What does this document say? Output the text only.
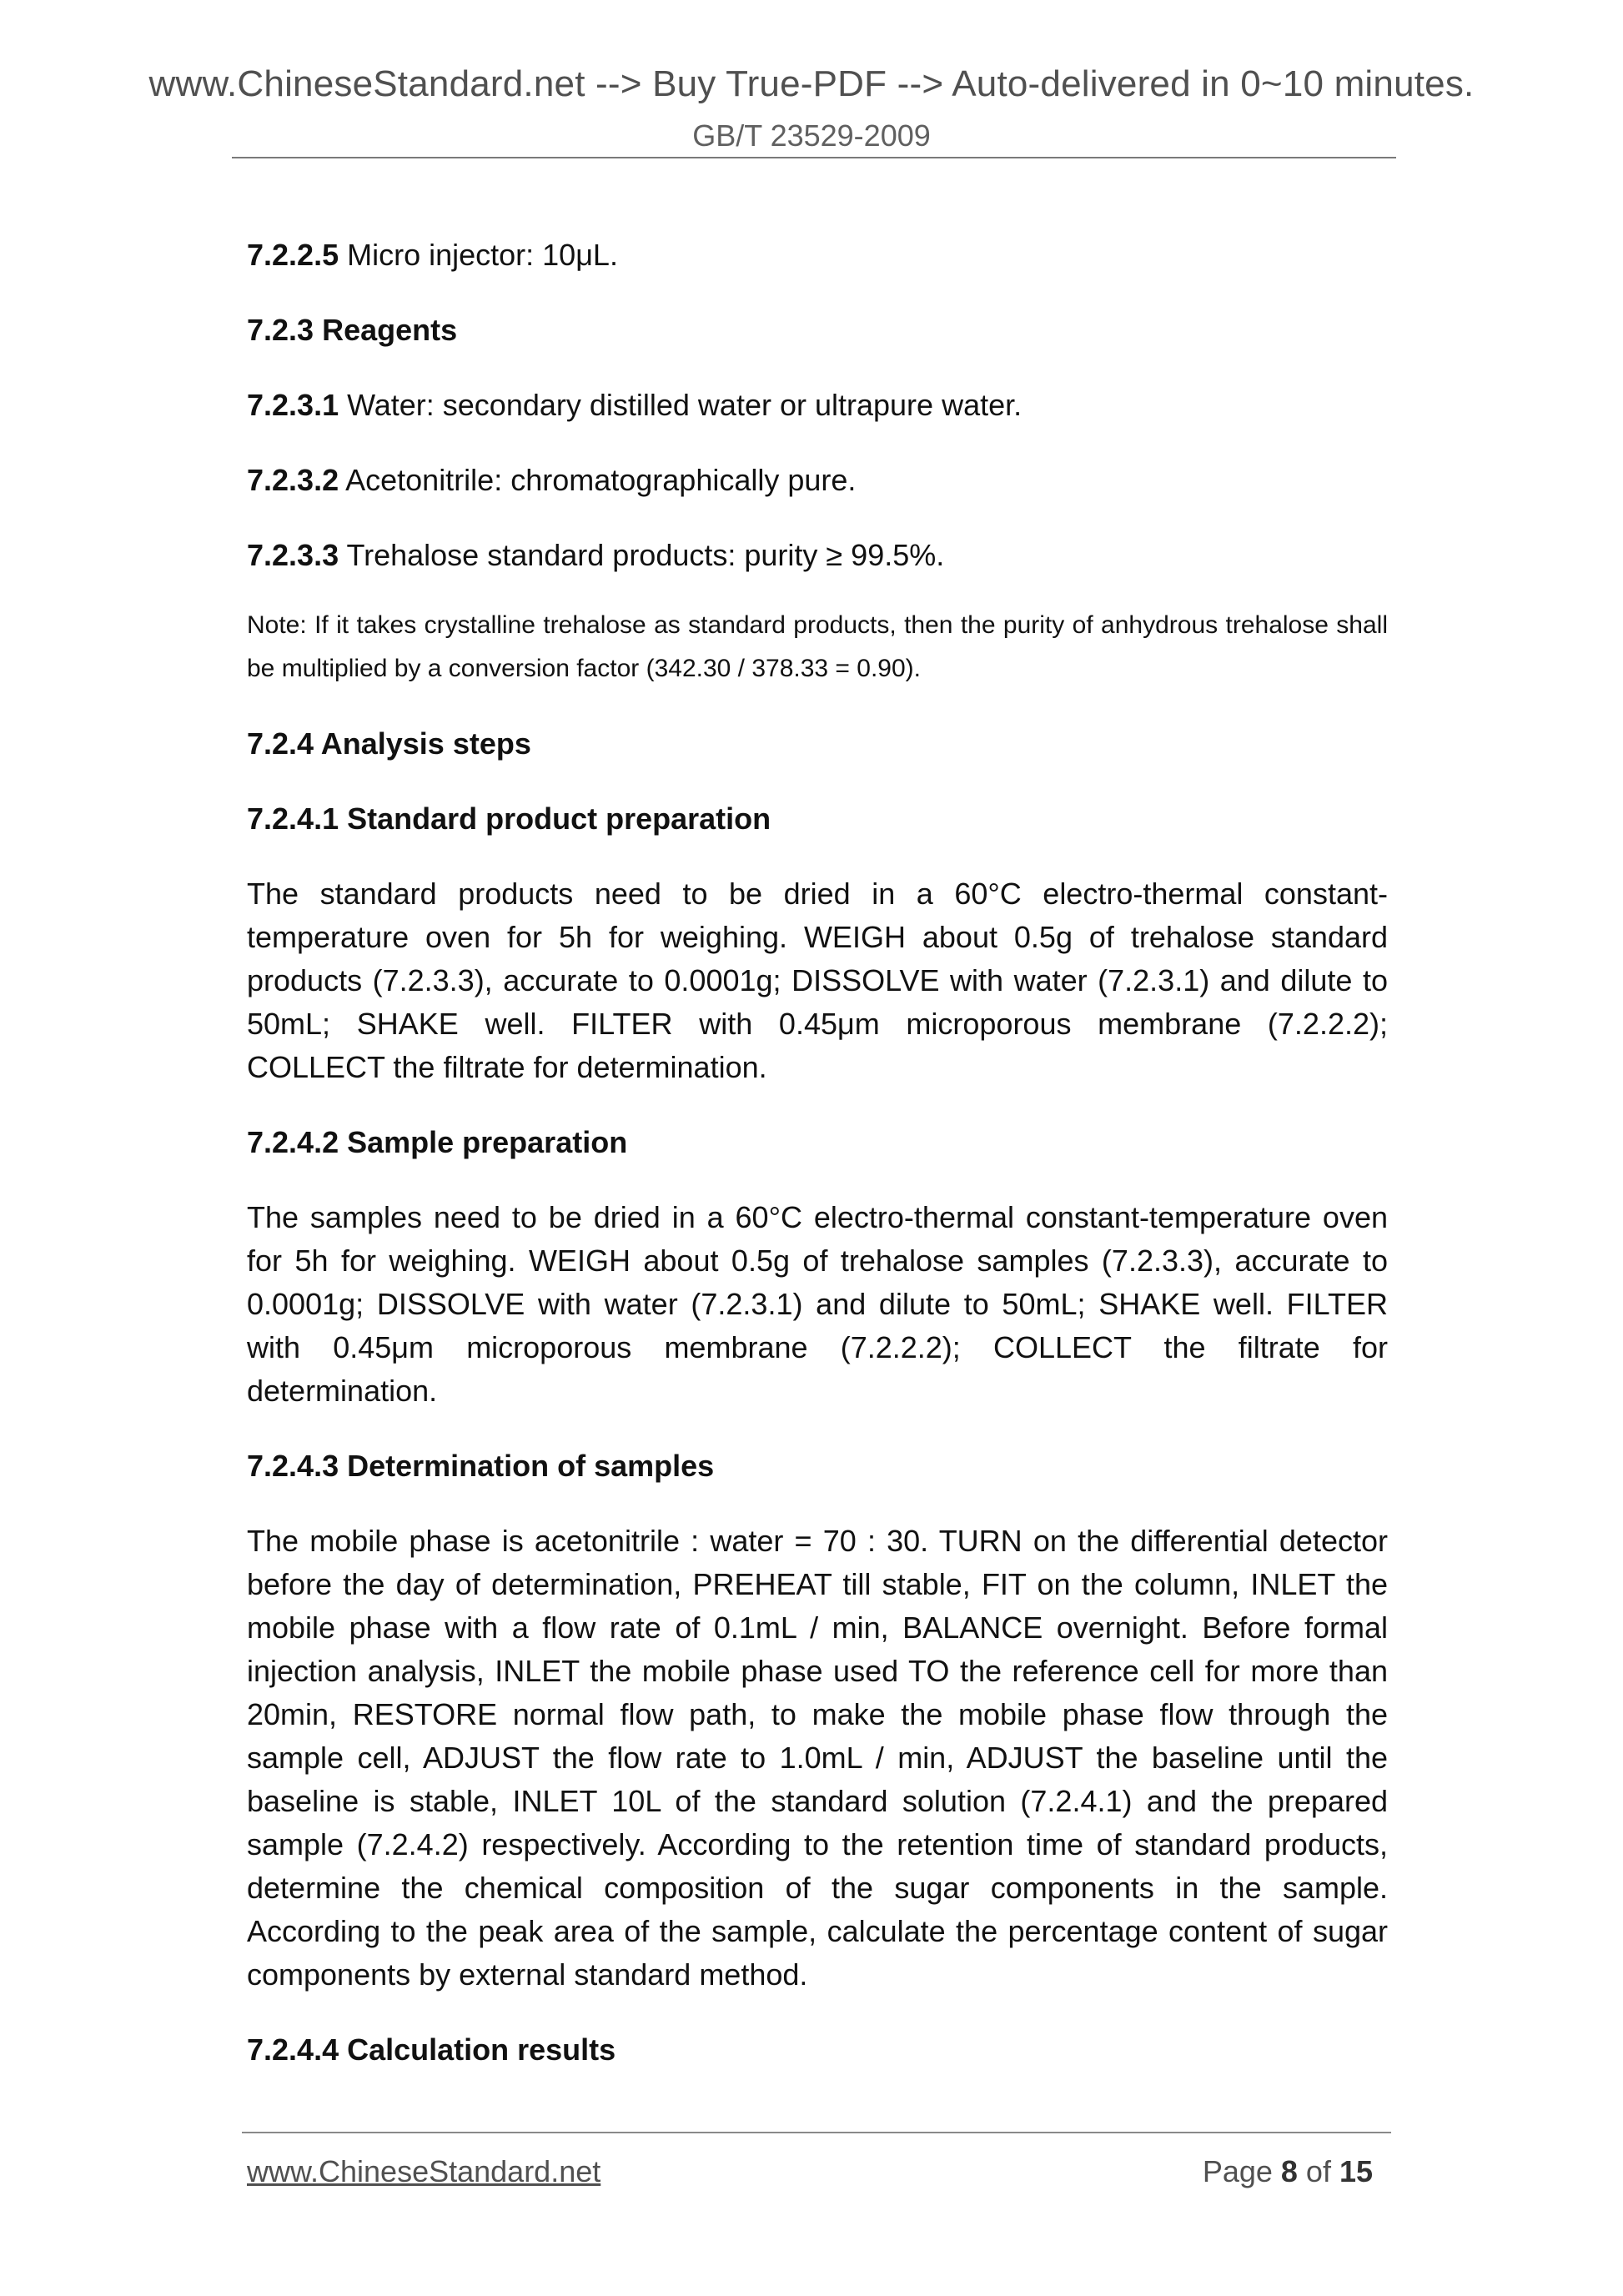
www.ChineseStandard.net --> Buy True-PDF --> Auto-delivered in 0~10 minutes.
GB/T 23529-2009

7.2.2.5 Micro injector: 10μL.

7.2.3 Reagents

7.2.3.1 Water: secondary distilled water or ultrapure water.

7.2.3.2 Acetonitrile: chromatographically pure.

7.2.3.3 Trehalose standard products: purity ≥ 99.5%.

Note: If it takes crystalline trehalose as standard products, then the purity of anhydrous trehalose shall be multiplied by a conversion factor (342.30 / 378.33 = 0.90).

7.2.4 Analysis steps

7.2.4.1 Standard product preparation

The standard products need to be dried in a 60°C electro-thermal constant-temperature oven for 5h for weighing. WEIGH about 0.5g of trehalose standard products (7.2.3.3), accurate to 0.0001g; DISSOLVE with water (7.2.3.1) and dilute to 50mL; SHAKE well. FILTER with 0.45μm microporous membrane (7.2.2.2); COLLECT the filtrate for determination.

7.2.4.2 Sample preparation

The samples need to be dried in a 60°C electro-thermal constant-temperature oven for 5h for weighing. WEIGH about 0.5g of trehalose samples (7.2.3.3), accurate to 0.0001g; DISSOLVE with water (7.2.3.1) and dilute to 50mL; SHAKE well. FILTER with 0.45μm microporous membrane (7.2.2.2); COLLECT the filtrate for determination.

7.2.4.3 Determination of samples

The mobile phase is acetonitrile : water = 70 : 30. TURN on the differential detector before the day of determination, PREHEAT till stable, FIT on the column, INLET the mobile phase with a flow rate of 0.1mL / min, BALANCE overnight. Before formal injection analysis, INLET the mobile phase used TO the reference cell for more than 20min, RESTORE normal flow path, to make the mobile phase flow through the sample cell, ADJUST the flow rate to 1.0mL / min, ADJUST the baseline until the baseline is stable, INLET 10L of the standard solution (7.2.4.1) and the prepared sample (7.2.4.2) respectively. According to the retention time of standard products, determine the chemical composition of the sugar components in the sample. According to the peak area of the sample, calculate the percentage content of sugar components by external standard method.

7.2.4.4 Calculation results

www.ChineseStandard.net	Page 8 of 15
